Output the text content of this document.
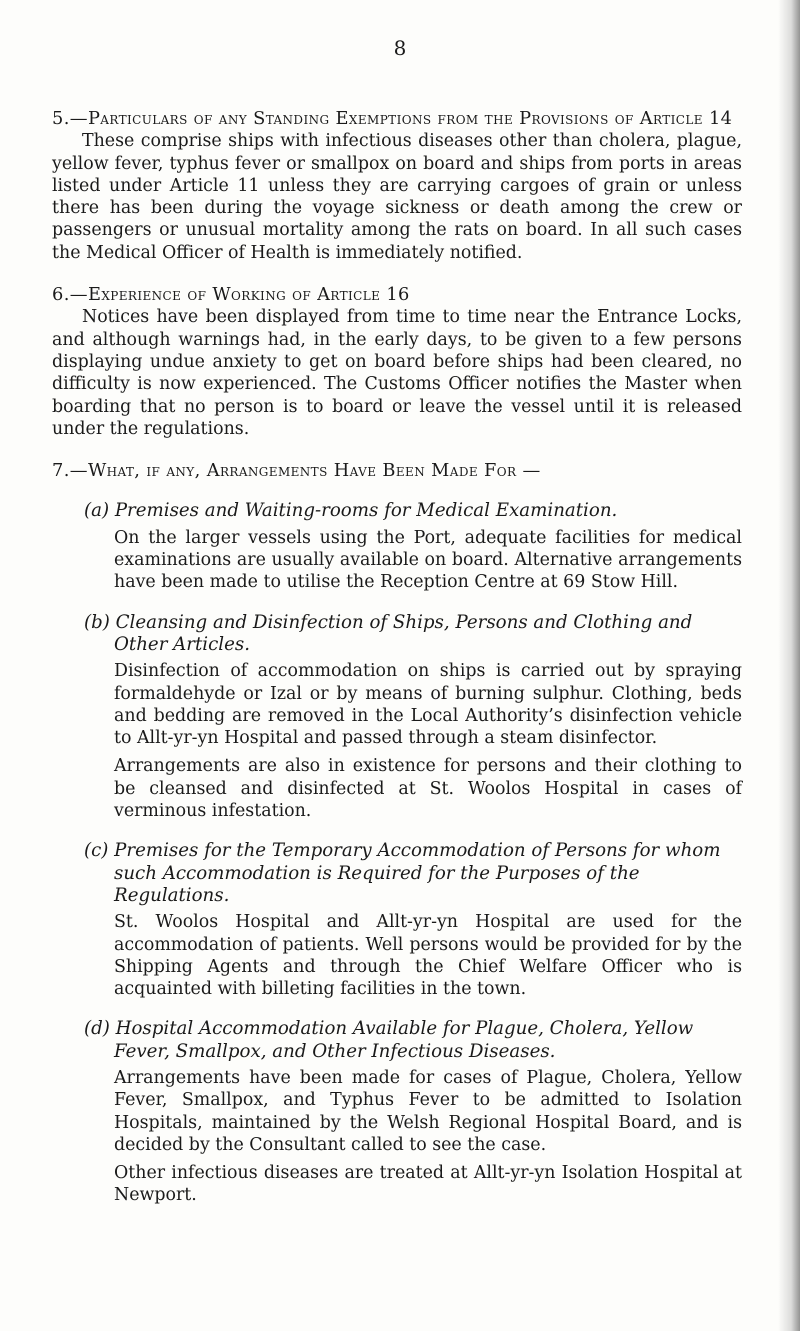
8

5.—Particulars of any Standing Exemptions from the Provisions of Article 14

These comprise ships with infectious diseases other than cholera, plague, yellow fever, typhus fever or smallpox on board and ships from ports in areas listed under Article 11 unless they are carrying cargoes of grain or unless there has been during the voyage sickness or death among the crew or passengers or unusual mortality among the rats on board. In all such cases the Medical Officer of Health is immediately notified.

6.—Experience of Working of Article 16

Notices have been displayed from time to time near the Entrance Locks, and although warnings had, in the early days, to be given to a few persons displaying undue anxiety to get on board before ships had been cleared, no difficulty is now experienced. The Customs Officer notifies the Master when boarding that no person is to board or leave the vessel until it is released under the regulations.

7.—What, if any, Arrangements Have Been Made For —

(a) Premises and Waiting-rooms for Medical Examination.

On the larger vessels using the Port, adequate facilities for medical examinations are usually available on board. Alternative arrangements have been made to utilise the Reception Centre at 69 Stow Hill.

(b) Cleansing and Disinfection of Ships, Persons and Clothing and Other Articles.

Disinfection of accommodation on ships is carried out by spraying formaldehyde or Izal or by means of burning sulphur. Clothing, beds and bedding are removed in the Local Authority’s disinfection vehicle to Allt-yr-yn Hospital and passed through a steam disinfector.

Arrangements are also in existence for persons and their clothing to be cleansed and disinfected at St. Woolos Hospital in cases of verminous infestation.

(c) Premises for the Temporary Accommodation of Persons for whom such Accommodation is Required for the Purposes of the Regulations.

St. Woolos Hospital and Allt-yr-yn Hospital are used for the accommodation of patients. Well persons would be provided for by the Shipping Agents and through the Chief Welfare Officer who is acquainted with billeting facilities in the town.

(d) Hospital Accommodation Available for Plague, Cholera, Yellow Fever, Smallpox, and Other Infectious Diseases.

Arrangements have been made for cases of Plague, Cholera, Yellow Fever, Smallpox, and Typhus Fever to be admitted to Isolation Hospitals, maintained by the Welsh Regional Hospital Board, and is decided by the Consultant called to see the case.

Other infectious diseases are treated at Allt-yr-yn Isolation Hospital at Newport.
